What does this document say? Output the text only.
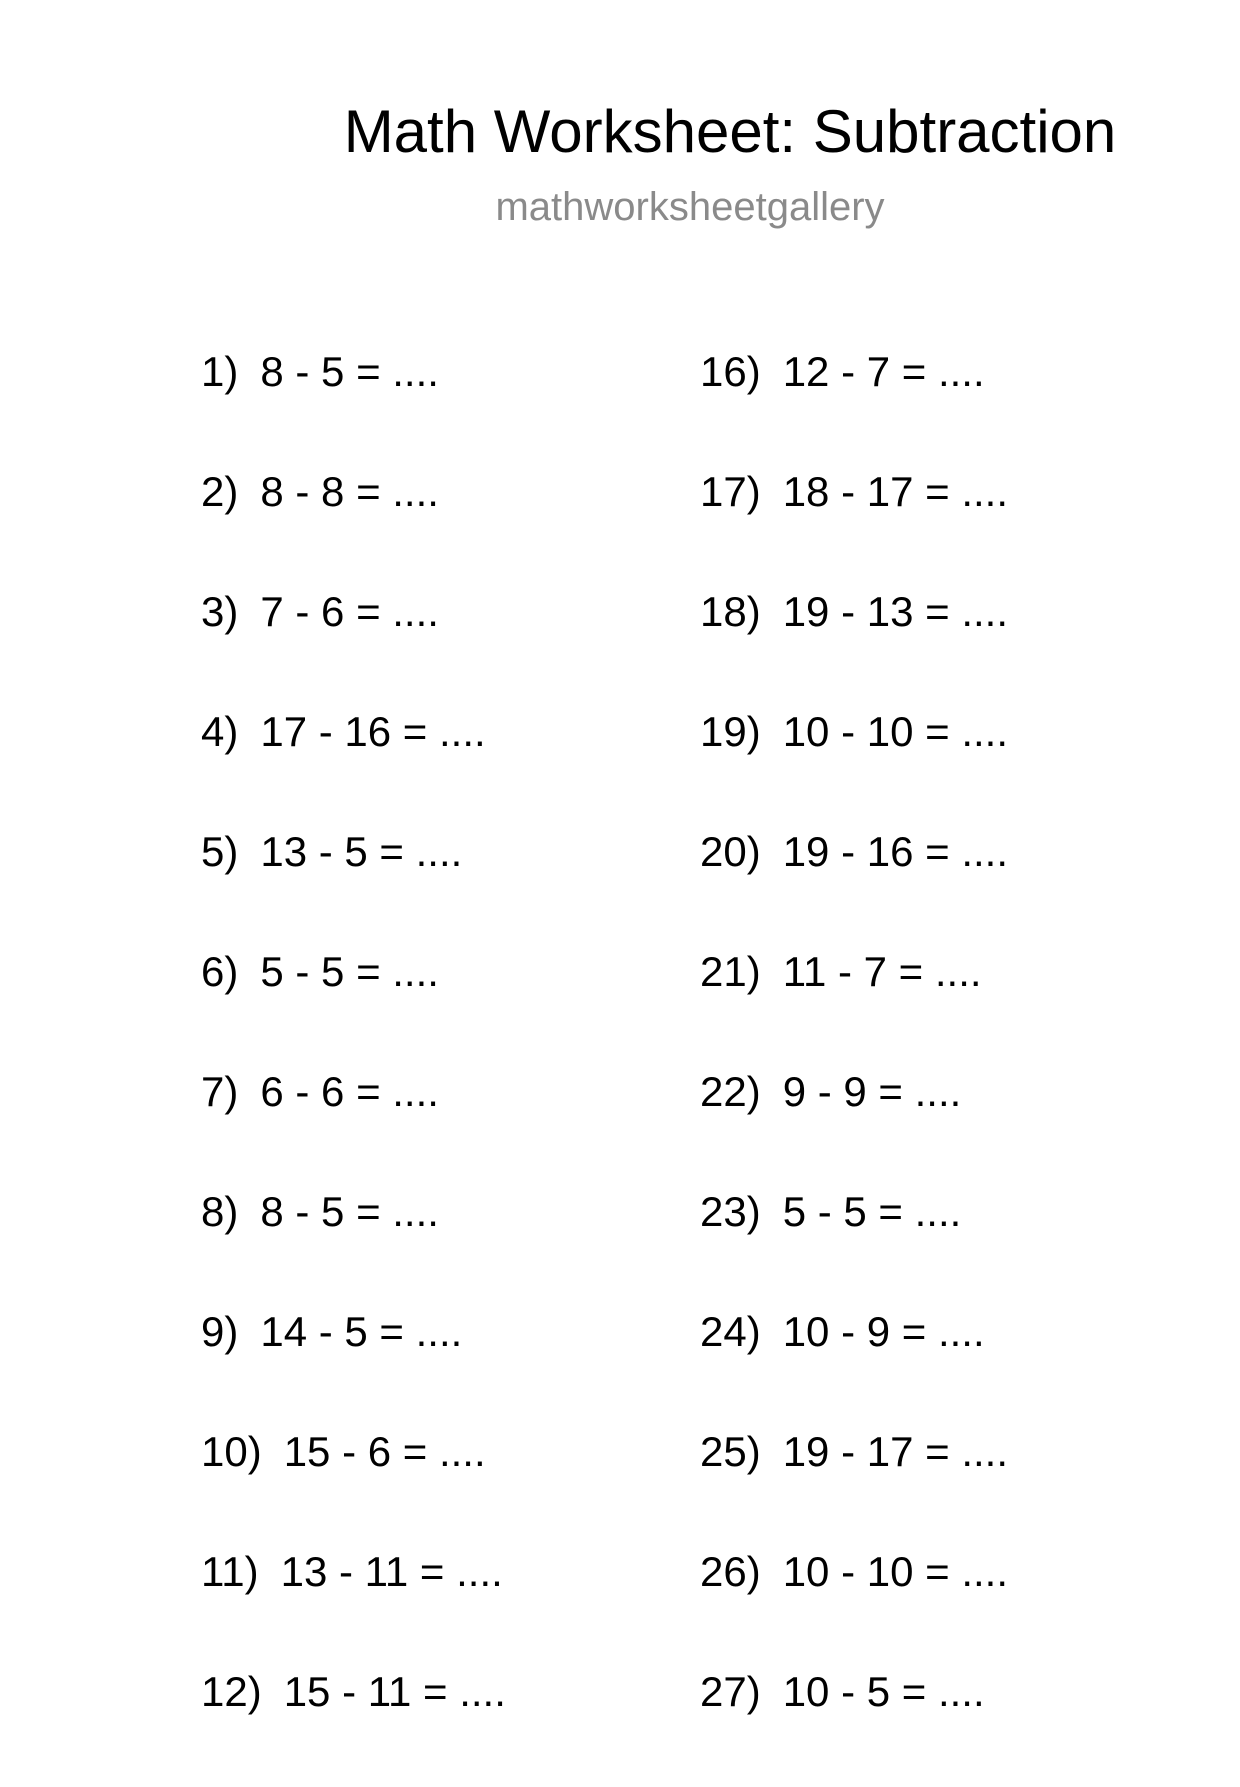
Math Worksheet: Subtraction
mathworksheetgallery
1) 8 - 5 = ....
2) 8 - 8 = ....
3) 7 - 6 = ....
4) 17 - 16 = ....
5) 13 - 5 = ....
6) 5 - 5 = ....
7) 6 - 6 = ....
8) 8 - 5 = ....
9) 14 - 5 = ....
10) 15 - 6 = ....
11) 13 - 11 = ....
12) 15 - 11 = ....
16) 12 - 7 = ....
17) 18 - 17 = ....
18) 19 - 13 = ....
19) 10 - 10 = ....
20) 19 - 16 = ....
21) 11 - 7 = ....
22) 9 - 9 = ....
23) 5 - 5 = ....
24) 10 - 9 = ....
25) 19 - 17 = ....
26) 10 - 10 = ....
27) 10 - 5 = ....
